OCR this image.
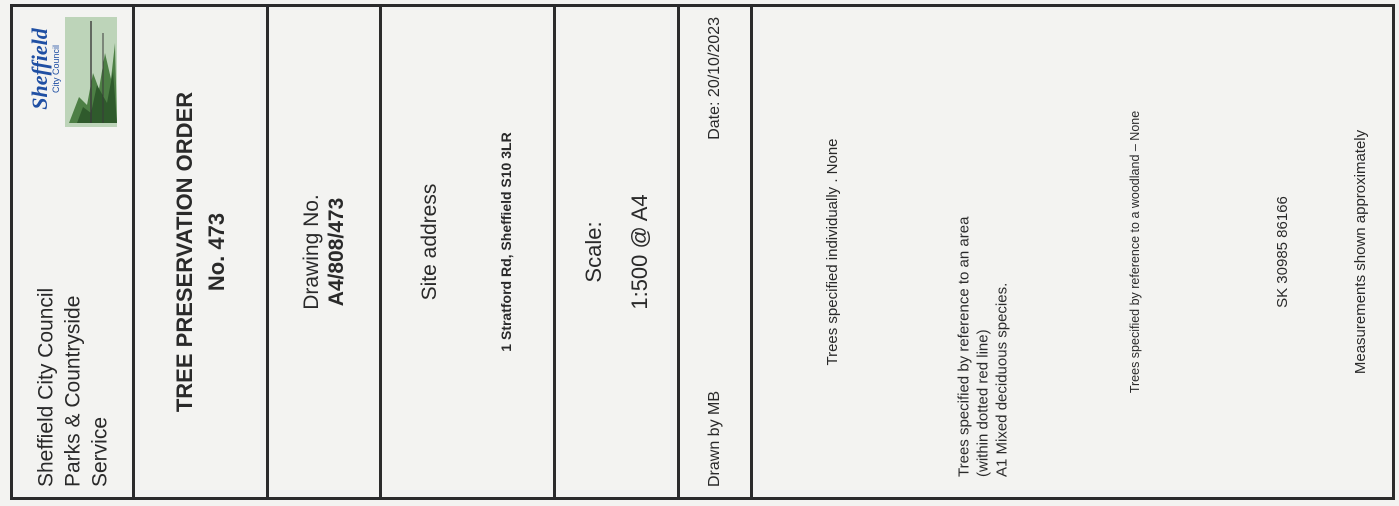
Sheffield City Council
Sheffield City Council Parks & Countryside Service
TREE PRESERVATION ORDER No. 473	Drawing No. A4/808/473	Site address	1 Stratford Rd, Sheffield S10 3LR	Scale: 1:500 @ A4
Drawn by MB
Date: 20/10/2023
Trees specified individually . None	Trees specified by reference to an area (within dotted red line) A1 Mixed deciduous species.	Trees specified by reference to a woodland – None	SK 30985 86166	Measurements shown approximately
